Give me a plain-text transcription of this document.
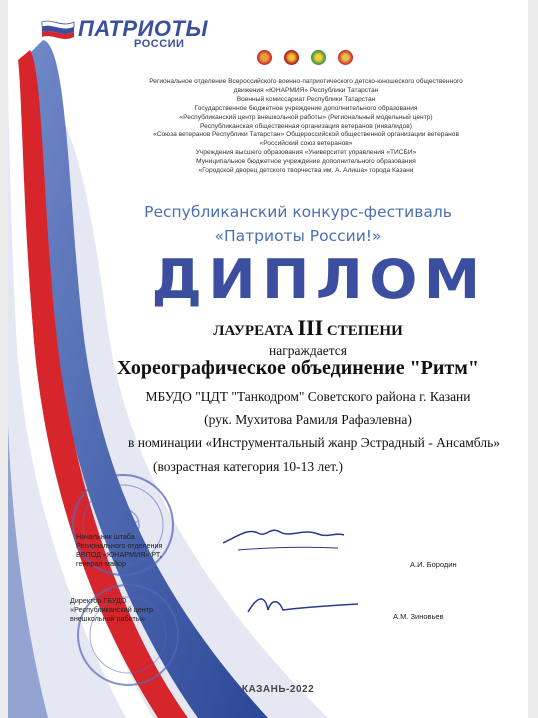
ПАТРИОТЫ
РОССИИ
Региональное отделение Всероссийского военно-патриотического детско-юношеского общественного
движения «ЮНАРМИЯ» Республики Татарстан
Военный комиссариат Республики Татарстан
Государственное бюджетное учреждение дополнительного образования
«Республиканский центр внешкольной работы» (Региональный модельный центр)
Республиканская общественная организация ветеранов (инвалидов)
«Союза ветеранов Республики Татарстан» Общероссийской общественной организации ветеранов
«Российский союз ветеранов»
Учреждения высшего образования «Университет управления «ТИСБИ»
Муниципальное бюджетное учреждение дополнительного образования
«Городской дворец детского творчества им. А. Алиша» города Казани
Республиканский конкурс-фестиваль
«Патриоты России!»
ДИПЛОМ
ЛАУРЕАТА III СТЕПЕНИ
награждается
Хореографическое объединение "Ритм"
МБУДО "ЦДТ "Танкодром" Советского района г. Казани
(рук. Мухитова Рамиля Рафаэлевна)
в номинации «Инструментальный жанр Эстрадный - Ансамбль»
(возрастная категория 10-13 лет.)
Начальник штаба
Регионального отделения
ВВПОД «ЮНАРМИЯ» РТ,
генерал-майор	А.И. Бородин
Директор ГБУДО
«Республиканский центр
внешкольной работы»	А.М. Зиновьев
КАЗАНЬ-2022
